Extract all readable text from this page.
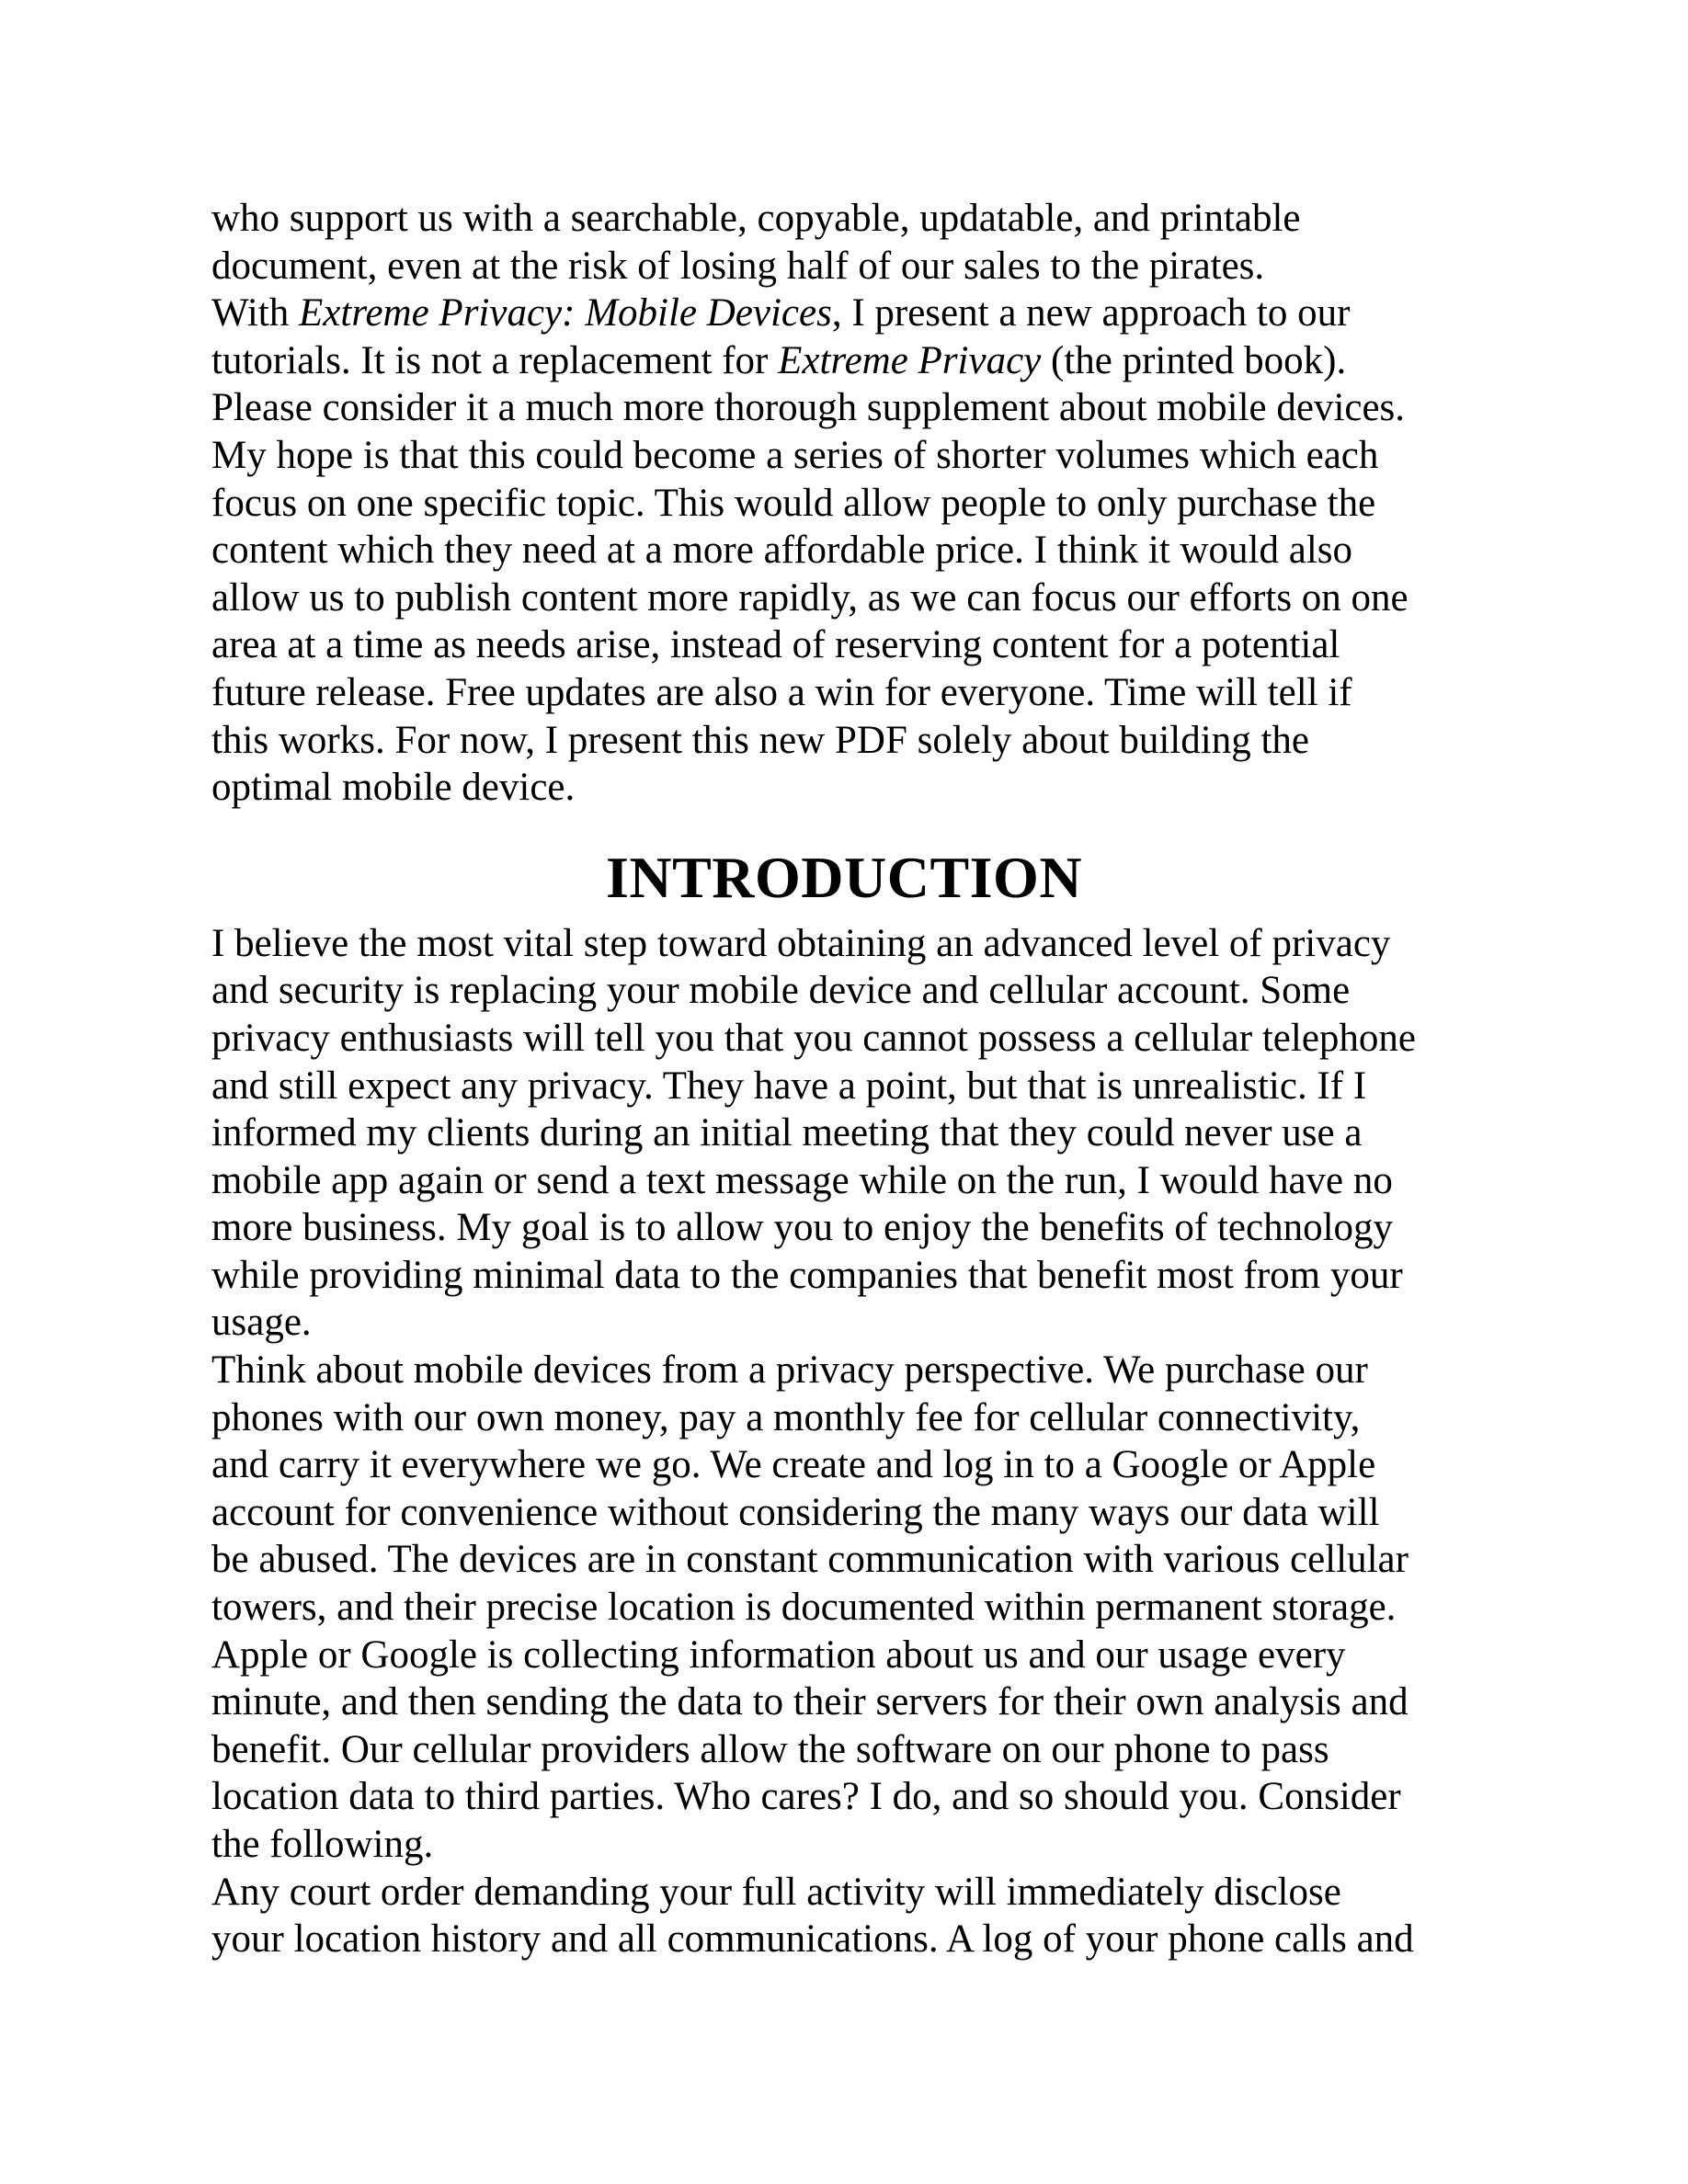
who support us with a searchable, copyable, updatable, and printable
document, even at the risk of losing half of our sales to the pirates.
With Extreme Privacy: Mobile Devices, I present a new approach to our
tutorials. It is not a replacement for Extreme Privacy (the printed book).
Please consider it a much more thorough supplement about mobile devices.
My hope is that this could become a series of shorter volumes which each
focus on one specific topic. This would allow people to only purchase the
content which they need at a more affordable price. I think it would also
allow us to publish content more rapidly, as we can focus our efforts on one
area at a time as needs arise, instead of reserving content for a potential
future release. Free updates are also a win for everyone. Time will tell if
this works. For now, I present this new PDF solely about building the
optimal mobile device.
INTRODUCTION
I believe the most vital step toward obtaining an advanced level of privacy
and security is replacing your mobile device and cellular account. Some
privacy enthusiasts will tell you that you cannot possess a cellular telephone
and still expect any privacy. They have a point, but that is unrealistic. If I
informed my clients during an initial meeting that they could never use a
mobile app again or send a text message while on the run, I would have no
more business. My goal is to allow you to enjoy the benefits of technology
while providing minimal data to the companies that benefit most from your
usage.
Think about mobile devices from a privacy perspective. We purchase our
phones with our own money, pay a monthly fee for cellular connectivity,
and carry it everywhere we go. We create and log in to a Google or Apple
account for convenience without considering the many ways our data will
be abused. The devices are in constant communication with various cellular
towers, and their precise location is documented within permanent storage.
Apple or Google is collecting information about us and our usage every
minute, and then sending the data to their servers for their own analysis and
benefit. Our cellular providers allow the software on our phone to pass
location data to third parties. Who cares? I do, and so should you. Consider
the following.
Any court order demanding your full activity will immediately disclose
your location history and all communications. A log of your phone calls and
